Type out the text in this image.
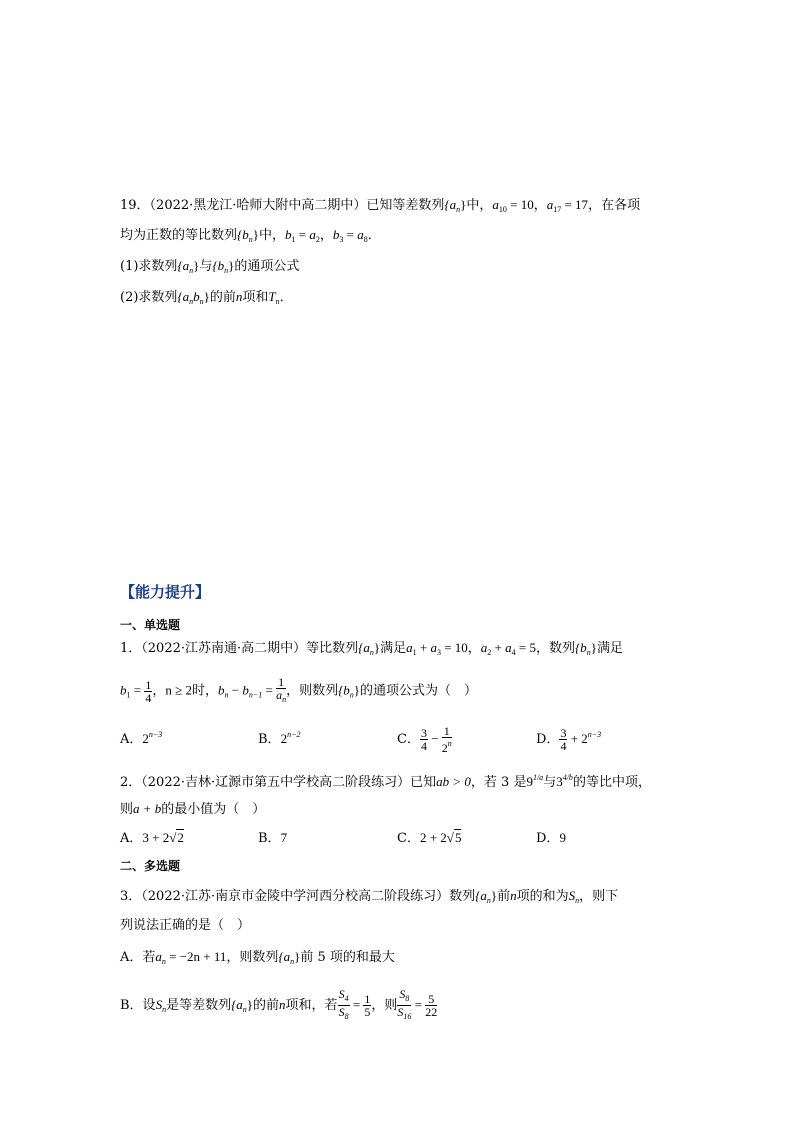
19．（2022·黑龙江·哈师大附中高二期中）已知等差数列$\{a_n\}$中，$a_{10} = 10$，$a_{17} = 17$，在各项
均为正数的等比数列$\{b_n\}$中，$b_1 = a_2$，$b_3 = a_8$．
(1)求数列$\{a_n\}$与$\{b_n\}$的通项公式
(2)求数列$\{a_nb_n\}$的前n项和$T_n$．
【能力提升】
一、单选题
1．（2022·江苏南通·高二期中）等比数列$\{a_n\}$满足$a_1 + a_3 = 10$，$a_2 + a_4 = 5$，数列$\{b_n\}$满足
$b_1 = \frac{1}{4}$ ，n ≥ 2时，$b_n - b_{n-1} = \frac{1}{a_n}$ ，则数列$\{b_n\}$的通项公式为（　）
A．$2^{n-3}$	B．$2^{n-2}$	C． $\frac{3}{4} - \frac{1}{2^n}$	D． $\frac{3}{4} + 2^{n-3}$
2．（2022·吉林·辽源市第五中学校高二阶段练习）已知ab > 0，若 3 是$9^{1/a}$与$3^{4/b}$的等比中项，
则a + b的最小值为（　）
A．3 + 2√2	B．7	C．2 + 2√5	D．9
二、多选题
3．（2022·江苏·南京市金陵中学河西分校高二阶段练习）数列$\{a_n\}$前n项的和为$S_n$，则下
列说法正确的是（　）
A．若$a_n = -2n + 11$，则数列$\{a_n\}$前 5 项的和最大
B．设$S_n$是等差数列$\{a_n\}$的前n项和，若 $\frac{S_4}{S_8} = \frac{1}{5}$ ，则 $\frac{S_8}{S_{16}} = \frac{5}{22}$
